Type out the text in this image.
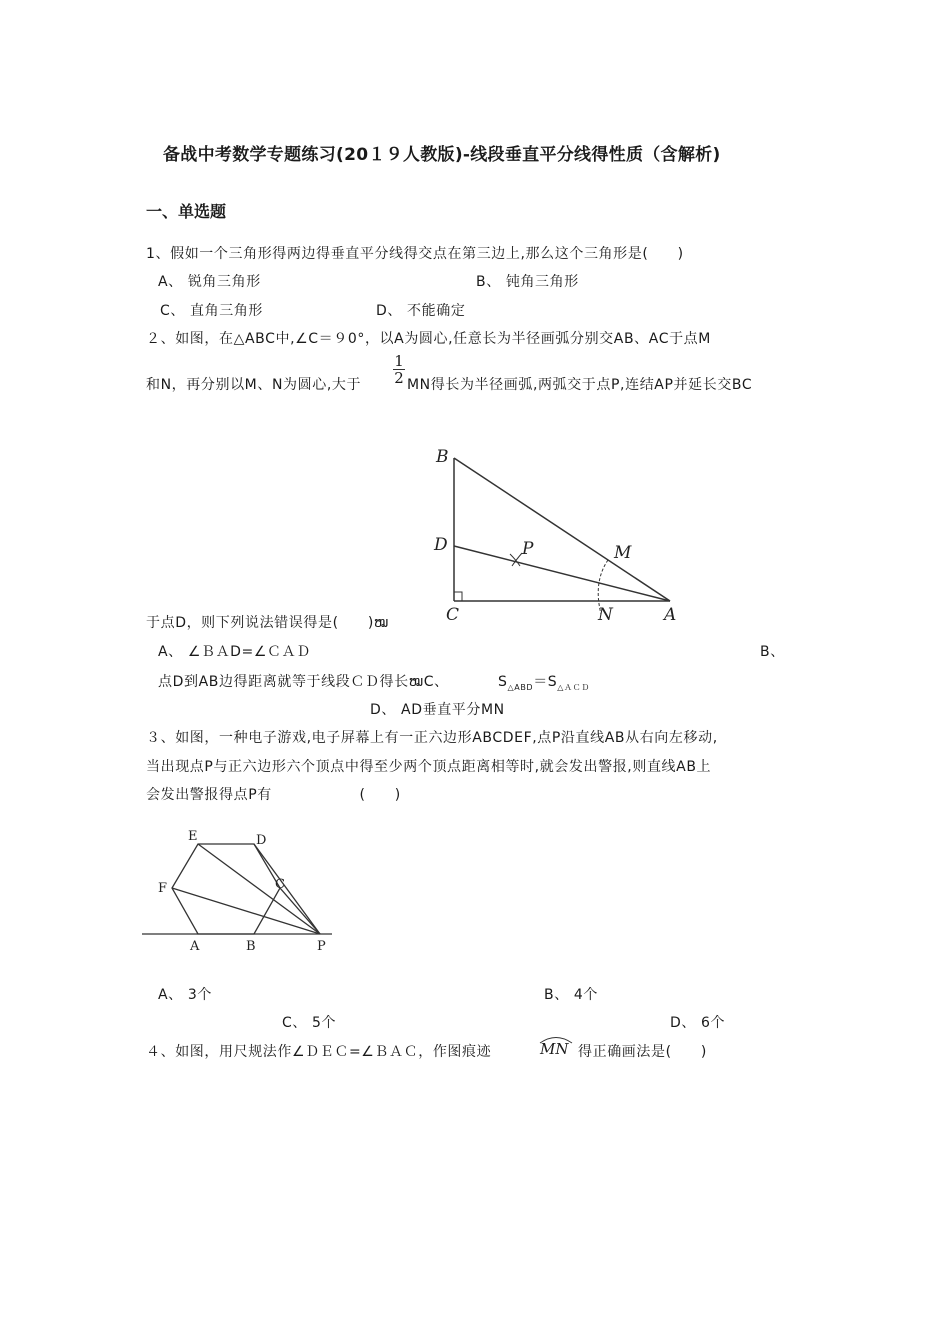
备战中考数学专题练习(20１９人教版)-线段垂直平分线得性质（含解析)
一、单选题
1、假如一个三角形得两边得垂直平分线得交点在第三边上,那么这个三角形是(　　)
A、 锐角三角形	B、 钝角三角形
C、 直角三角形	D、 不能确定
２、如图，在△ABC中,∠C＝９0°，以A为圆心,任意长为半径画弧分别交AB、AC于点M
和N，再分别以M、N为圆心,大于
1
2 MN得长为半径画弧,两弧交于点P,连结AP并延长交BC
B
D	P	M
C	N	A
于点D，则下列说法错误得是(　　)ໝ
A、 ∠ＢＡD=∠ＣＡＤ	B、
点D到AB边得距离就等于线段ＣＤ得长ໝC、	$S_{\triangle ABD}=S_{\triangle ACD}$
D、 AD垂直平分MN
３、如图，一种电子游戏,电子屏幕上有一正六边形ABCDEF,点P沿直线AB从右向左移动,
当出现点P与正六边形六个顶点中得至少两个顶点距离相等时,就会发出警报,则直线AB上
会发出警报得点P有　　　　　　(　　)
E	D
F	C
A	B	P
A、 3个	B、 4个
C、 5个	D、 6个
４、如图，用尺规法作∠ＤＥＣ=∠ＢＡＣ，作图痕迹	MN 得正确画法是(　　)
